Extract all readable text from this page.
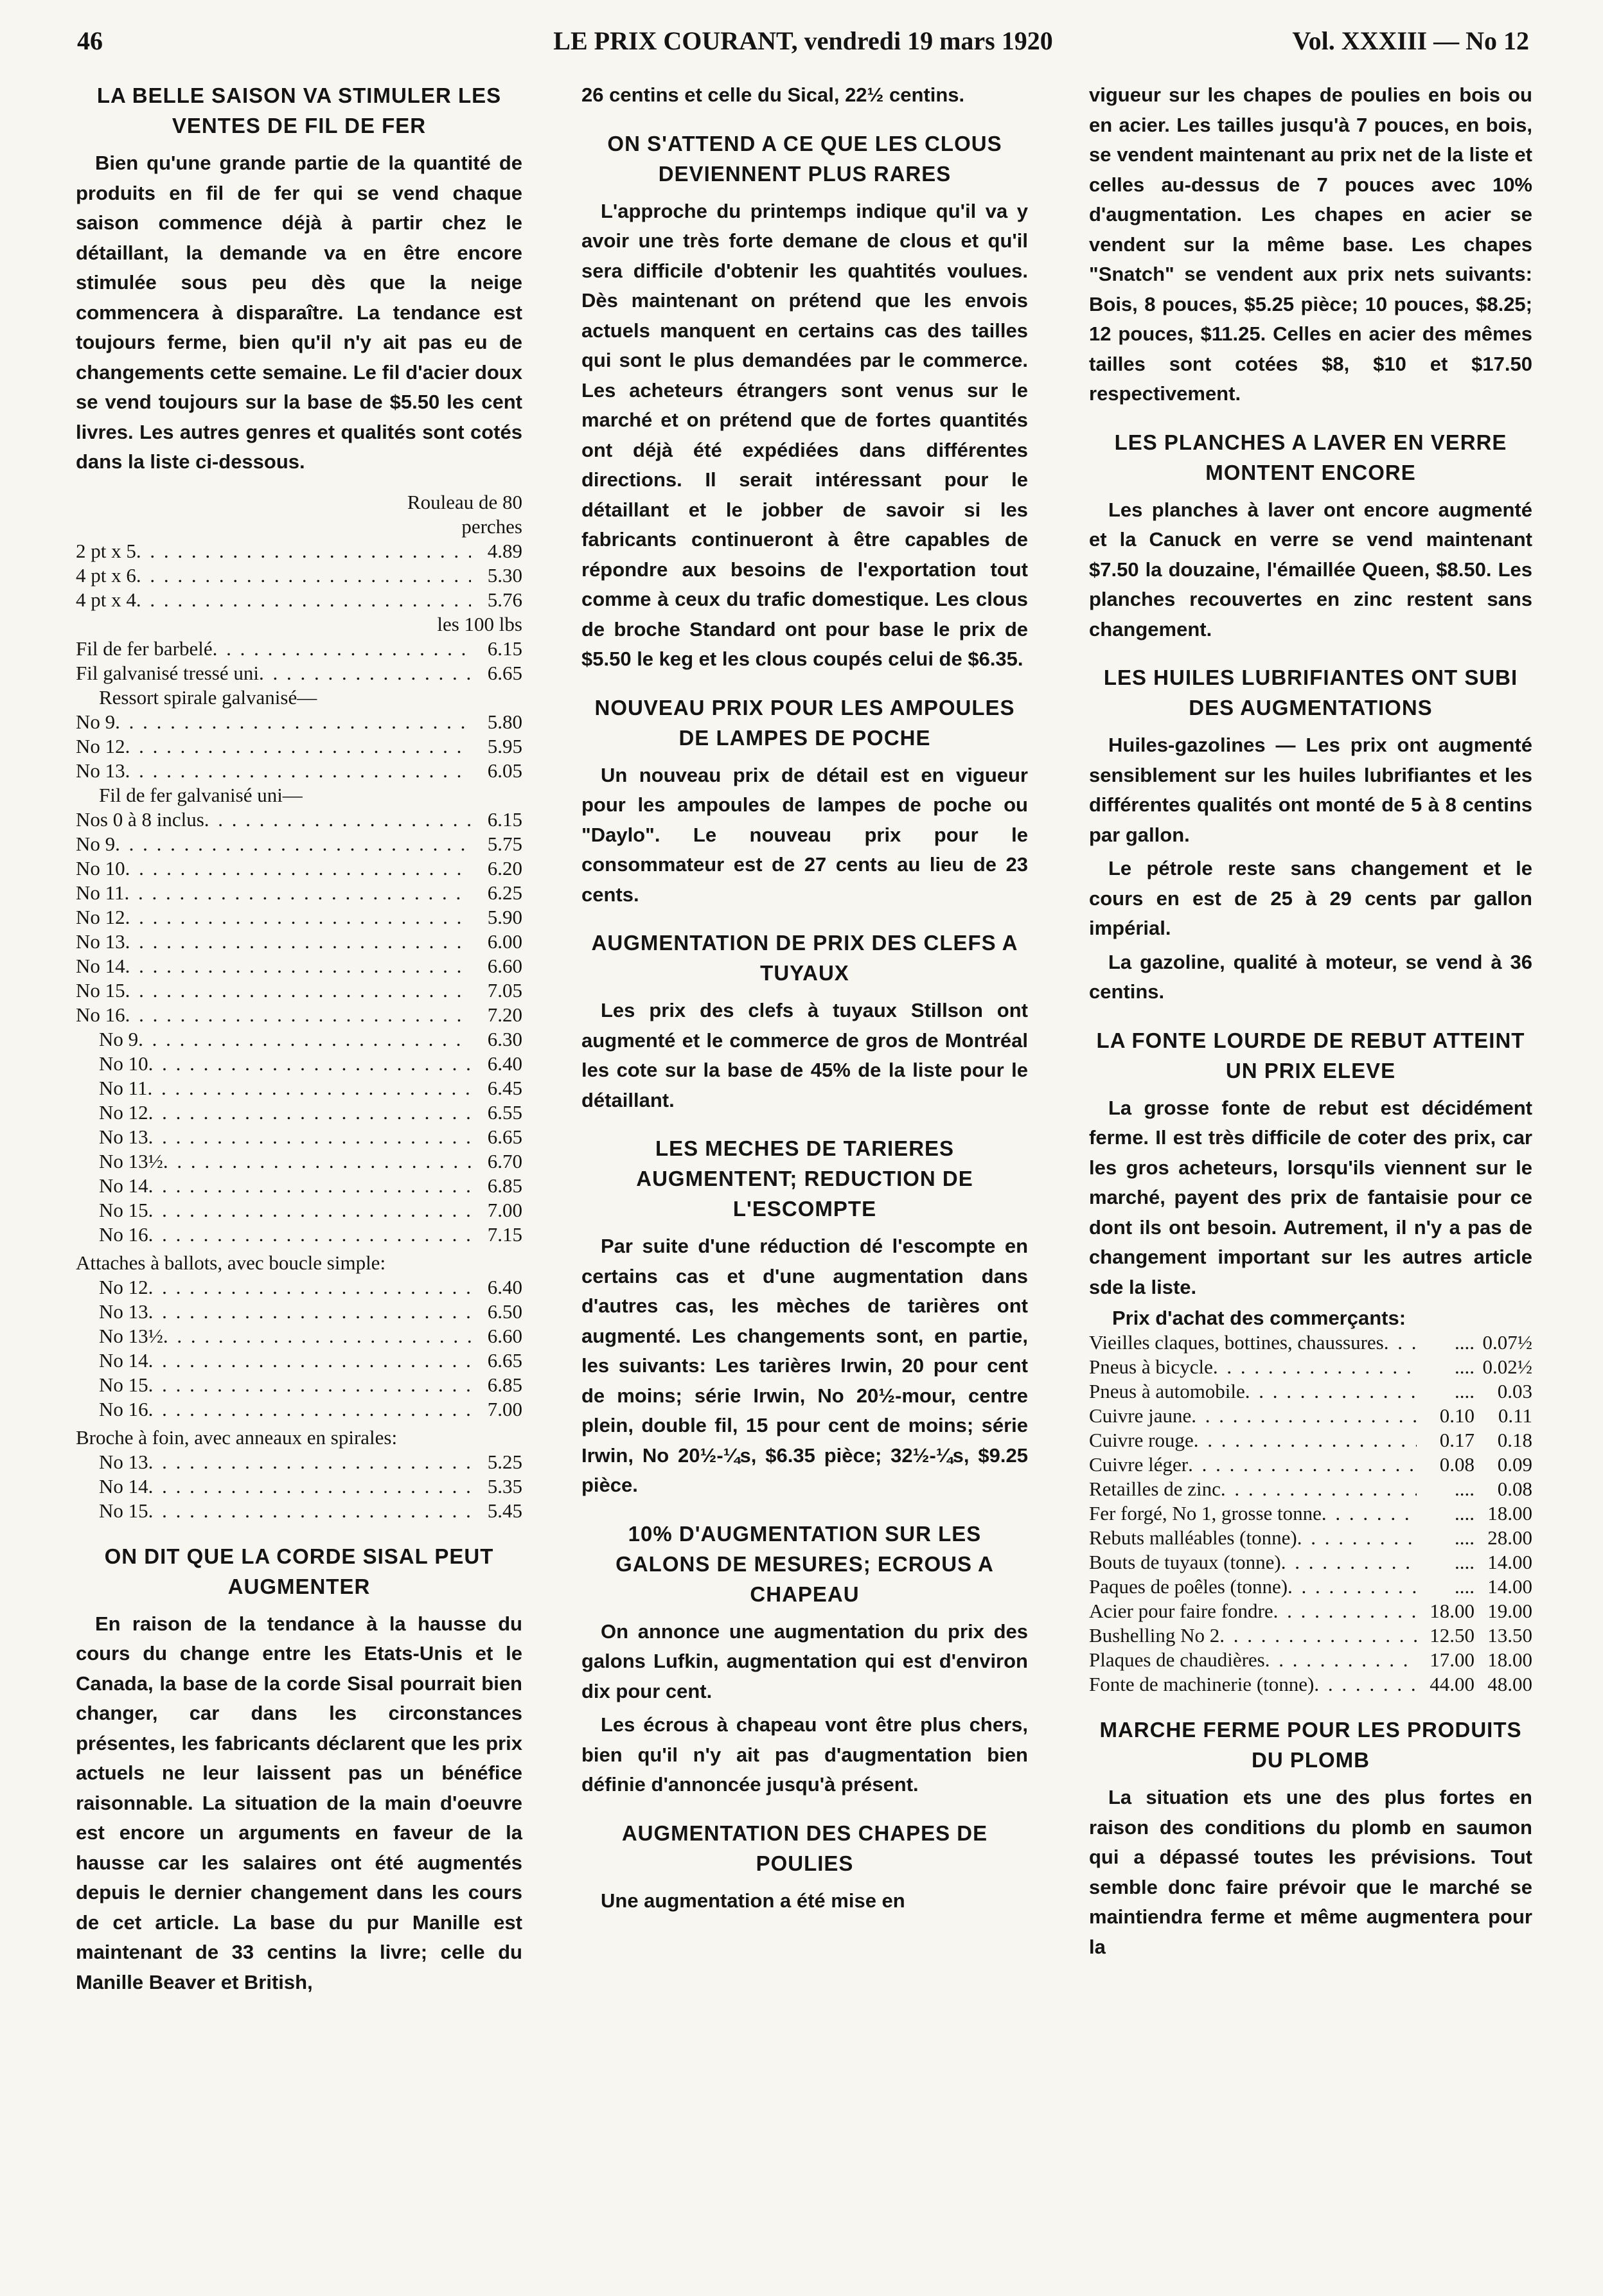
46	LE PRIX COURANT, vendredi 19 mars 1920	Vol. XXXIII — No 12
LA BELLE SAISON VA STIMULER LES VENTES DE FIL DE FER

Bien qu'une grande partie de la quantité de produits en fil de fer qui se vend chaque saison commence déjà à partir chez le détaillant, la demande va en être encore stimulée sous peu dès que la neige commencera à disparaître. La tendance est toujours ferme, bien qu'il n'y ait pas eu de changements cette semaine. Le fil d'acier doux se vend toujours sur la base de $5.50 les cent livres. Les autres genres et qualités sont cotés dans la liste ci-dessous.

Rouleau de 80 perches
2 pt x 5 . . .	4.89
4 pt x 6 . . .	5.30
4 pt x 4 . . .	5.76
les 100 lbs
Fil de fer barbelé . . .	6.15
Fil galvanisé tressé uni . . .	6.65
Ressort spirale galvanisé—
No 9 . . .	5.80
No 12 . . .	5.95
No 13 . . .	6.05
Fil de fer galvanisé uni—
Nos 0 à 8 inclus . . .	6.15
No 9 . . .	5.75
No 10 . . .	6.20
No 11 . . .	6.25
No 12 . . .	5.90
No 13 . . .	6.00
No 14 . . .	6.60
No 15 . . .	7.05
No 16 . . .	7.20
No 9 . . .	6.30
No 10 . . .	6.40
No 11 . . .	6.45
No 12 . . .	6.55
No 13 . . .	6.65
No 13½ . . .	6.70
No 14 . . .	6.85
No 15 . . .	7.00
No 16 . . .	7.15
Attaches à ballots, avec boucle simple:
No 12 . . .	6.40
No 13 . . .	6.50
No 13½ . . .	6.60
No 14 . . .	6.65
No 15 . . .	6.85
No 16 . . .	7.00
Broche à foin, avec anneaux en spirales:
No 13 . . .	5.25
No 14 . . .	5.35
No 15 . . .	5.45
ON DIT QUE LA CORDE SISAL PEUT AUGMENTER

En raison de la tendance à la hausse du cours du change entre les Etats-Unis et le Canada, la base de la corde Sisal pourrait bien changer, car dans les circonstances présentes, les fabricants déclarent que les prix actuels ne leur laissent pas un bénéfice raisonnable. La situation de la main d'oeuvre est encore un arguments en faveur de la hausse car les salaires ont été augmentés depuis le dernier changement dans les cours de cet article. La base du pur Manille est maintenant de 33 centins la livre; celle du Manille Beaver et British,

26 centins et celle du Sical, 22½ centins.

ON S'ATTEND A CE QUE LES CLOUS DEVIENNENT PLUS RARES

L'approche du printemps indique qu'il va y avoir une très forte demane de clous et qu'il sera difficile d'obtenir les quahtités voulues. Dès maintenant on prétend que les envois actuels manquent en certains cas des tailles qui sont le plus demandées par le commerce. Les acheteurs étrangers sont venus sur le marché et on prétend que de fortes quantités ont déjà été expédiées dans différentes directions. Il serait intéressant pour le détaillant et le jobber de savoir si les fabricants continueront à être capables de répondre aux besoins de l'exportation tout comme à ceux du trafic domestique. Les clous de broche Standard ont pour base le prix de $5.50 le keg et les clous coupés celui de $6.35.

NOUVEAU PRIX POUR LES AMPOULES DE LAMPES DE POCHE

Un nouveau prix de détail est en vigueur pour les ampoules de lampes de poche ou "Daylo". Le nouveau prix pour le consommateur est de 27 cents au lieu de 23 cents.

AUGMENTATION DE PRIX DES CLEFS A TUYAUX

Les prix des clefs à tuyaux Stillson ont augmenté et le commerce de gros de Montréal les cote sur la base de 45% de la liste pour le détaillant.

LES MECHES DE TARIERES AUGMENTENT; REDUCTION DE L'ESCOMPTE

Par suite d'une réduction dé l'escompte en certains cas et d'une augmentation dans d'autres cas, les mèches de tarières ont augmenté. Les changements sont, en partie, les suivants: Les tarières Irwin, 20 pour cent de moins; série Irwin, No 20½-mour, centre plein, double fil, 15 pour cent de moins; série Irwin, No 20½-¼s, $6.35 pièce; 32½-¼s, $9.25 pièce.

10% D'AUGMENTATION SUR LES GALONS DE MESURES; ECROUS A CHAPEAU

On annonce une augmentation du prix des galons Lufkin, augmentation qui est d'environ dix pour cent.

Les écrous à chapeau vont être plus chers, bien qu'il n'y ait pas d'augmentation bien définie d'annoncée jusqu'à présent.

AUGMENTATION DES CHAPES DE POULIES

Une augmentation a été mise en

vigueur sur les chapes de poulies en bois ou en acier. Les tailles jusqu'à 7 pouces, en bois, se vendent maintenant au prix net de la liste et celles au-dessus de 7 pouces avec 10% d'augmentation. Les chapes en acier se vendent sur la même base. Les chapes "Snatch" se vendent aux prix nets suivants: Bois, 8 pouces, $5.25 pièce; 10 pouces, $8.25; 12 pouces, $11.25. Celles en acier des mêmes tailles sont cotées $8, $10 et $17.50 respectivement.

LES PLANCHES A LAVER EN VERRE MONTENT ENCORE

Les planches à laver ont encore augmenté et la Canuck en verre se vend maintenant $7.50 la douzaine, l'émaillée Queen, $8.50. Les planches recouvertes en zinc restent sans changement.

LES HUILES LUBRIFIANTES ONT SUBI DES AUGMENTATIONS

Huiles-gazolines — Les prix ont augmenté sensiblement sur les huiles lubrifiantes et les différentes qualités ont monté de 5 à 8 centins par gallon.

Le pétrole reste sans changement et le cours en est de 25 à 29 cents par gallon impérial.

La gazoline, qualité à moteur, se vend à 36 centins.

LA FONTE LOURDE DE REBUT ATTEINT UN PRIX ELEVE

La grosse fonte de rebut est décidément ferme. Il est très difficile de coter des prix, car les gros acheteurs, lorsqu'ils viennent sur le marché, payent des prix de fantaisie pour ce dont ils ont besoin. Autrement, il n'y a pas de changement important sur les autres article sde la liste.

Prix d'achat des commerçants:
Vieilles claques, bottines, chaussures . . .	.... 0.07½
Pneus à bicycle . . .	.... 0.02½
Pneus à automobile . . .	....	0.03
Cuivre jaune . . .	0.10	0.11
Cuivre rouge . . .	0.17	0.18
Cuivre léger . . .	0.08	0.09
Retailles de zinc . . .	....	0.08
Fer forgé, No 1, grosse tonne . . .	.... 18.00
Rebuts malléables (tonne) . . .	.... 28.00
Bouts de tuyaux (tonne) . . .	.... 14.00
Paques de poêles (tonne) . . .	.... 14.00
Acier pour faire fondre . . .	18.00 19.00
Bushelling No 2 . . .	12.50 13.50
Plaques de chaudières . . .	17.00 18.00
Fonte de machinerie (tonne) . . .	44.00 48.00
MARCHE FERME POUR LES PRODUITS DU PLOMB

La situation ets une des plus fortes en raison des conditions du plomb en saumon qui a dépassé toutes les prévisions. Tout semble donc faire prévoir que le marché se maintiendra ferme et même augmentera pour la
